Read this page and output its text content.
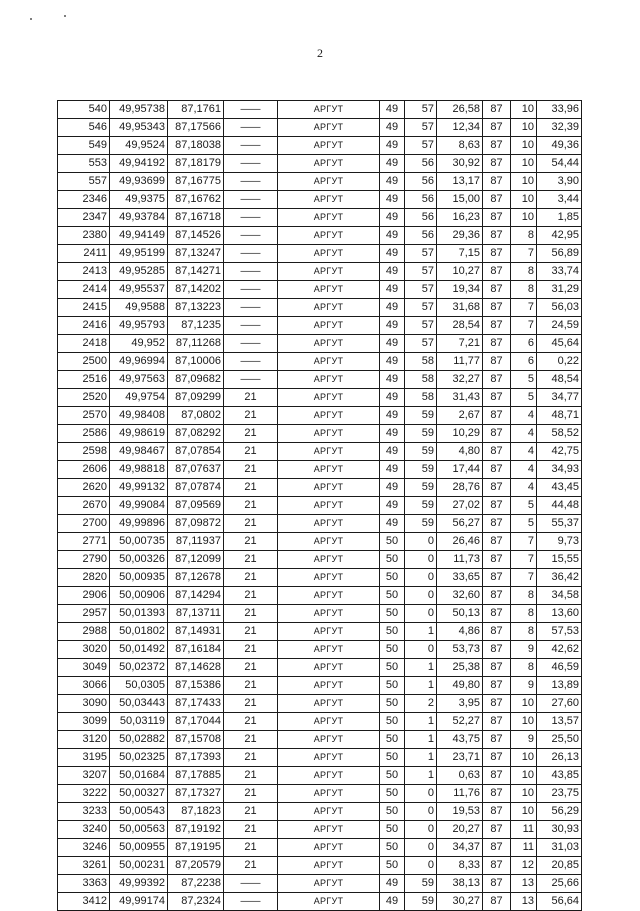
2
540	49,95738	87,1761	——	АРГУТ	49	57	26,58	87	10	33,96
546	49,95343	87,17566	——	АРГУТ	49	57	12,34	87	10	32,39
549	49,9524	87,18038	——	АРГУТ	49	57	8,63	87	10	49,36
553	49,94192	87,18179	——	АРГУТ	49	56	30,92	87	10	54,44
557	49,93699	87,16775	——	АРГУТ	49	56	13,17	87	10	3,90
2346	49,9375	87,16762	——	АРГУТ	49	56	15,00	87	10	3,44
2347	49,93784	87,16718	——	АРГУТ	49	56	16,23	87	10	1,85
2380	49,94149	87,14526	——	АРГУТ	49	56	29,36	87	8	42,95
2411	49,95199	87,13247	——	АРГУТ	49	57	7,15	87	7	56,89
2413	49,95285	87,14271	——	АРГУТ	49	57	10,27	87	8	33,74
2414	49,95537	87,14202	——	АРГУТ	49	57	19,34	87	8	31,29
2415	49,9588	87,13223	——	АРГУТ	49	57	31,68	87	7	56,03
2416	49,95793	87,1235	——	АРГУТ	49	57	28,54	87	7	24,59
2418	49,952	87,11268	——	АРГУТ	49	57	7,21	87	6	45,64
2500	49,96994	87,10006	——	АРГУТ	49	58	11,77	87	6	0,22
2516	49,97563	87,09682	——	АРГУТ	49	58	32,27	87	5	48,54
2520	49,9754	87,09299	21	АРГУТ	49	58	31,43	87	5	34,77
2570	49,98408	87,0802	21	АРГУТ	49	59	2,67	87	4	48,71
2586	49,98619	87,08292	21	АРГУТ	49	59	10,29	87	4	58,52
2598	49,98467	87,07854	21	АРГУТ	49	59	4,80	87	4	42,75
2606	49,98818	87,07637	21	АРГУТ	49	59	17,44	87	4	34,93
2620	49,99132	87,07874	21	АРГУТ	49	59	28,76	87	4	43,45
2670	49,99084	87,09569	21	АРГУТ	49	59	27,02	87	5	44,48
2700	49,99896	87,09872	21	АРГУТ	49	59	56,27	87	5	55,37
2771	50,00735	87,11937	21	АРГУТ	50	0	26,46	87	7	9,73
2790	50,00326	87,12099	21	АРГУТ	50	0	11,73	87	7	15,55
2820	50,00935	87,12678	21	АРГУТ	50	0	33,65	87	7	36,42
2906	50,00906	87,14294	21	АРГУТ	50	0	32,60	87	8	34,58
2957	50,01393	87,13711	21	АРГУТ	50	0	50,13	87	8	13,60
2988	50,01802	87,14931	21	АРГУТ	50	1	4,86	87	8	57,53
3020	50,01492	87,16184	21	АРГУТ	50	0	53,73	87	9	42,62
3049	50,02372	87,14628	21	АРГУТ	50	1	25,38	87	8	46,59
3066	50,0305	87,15386	21	АРГУТ	50	1	49,80	87	9	13,89
3090	50,03443	87,17433	21	АРГУТ	50	2	3,95	87	10	27,60
3099	50,03119	87,17044	21	АРГУТ	50	1	52,27	87	10	13,57
3120	50,02882	87,15708	21	АРГУТ	50	1	43,75	87	9	25,50
3195	50,02325	87,17393	21	АРГУТ	50	1	23,71	87	10	26,13
3207	50,01684	87,17885	21	АРГУТ	50	1	0,63	87	10	43,85
3222	50,00327	87,17327	21	АРГУТ	50	0	11,76	87	10	23,75
3233	50,00543	87,1823	21	АРГУТ	50	0	19,53	87	10	56,29
3240	50,00563	87,19192	21	АРГУТ	50	0	20,27	87	11	30,93
3246	50,00955	87,19195	21	АРГУТ	50	0	34,37	87	11	31,03
3261	50,00231	87,20579	21	АРГУТ	50	0	8,33	87	12	20,85
3363	49,99392	87,2238	——	АРГУТ	49	59	38,13	87	13	25,66
3412	49,99174	87,2324	——	АРГУТ	49	59	30,27	87	13	56,64
